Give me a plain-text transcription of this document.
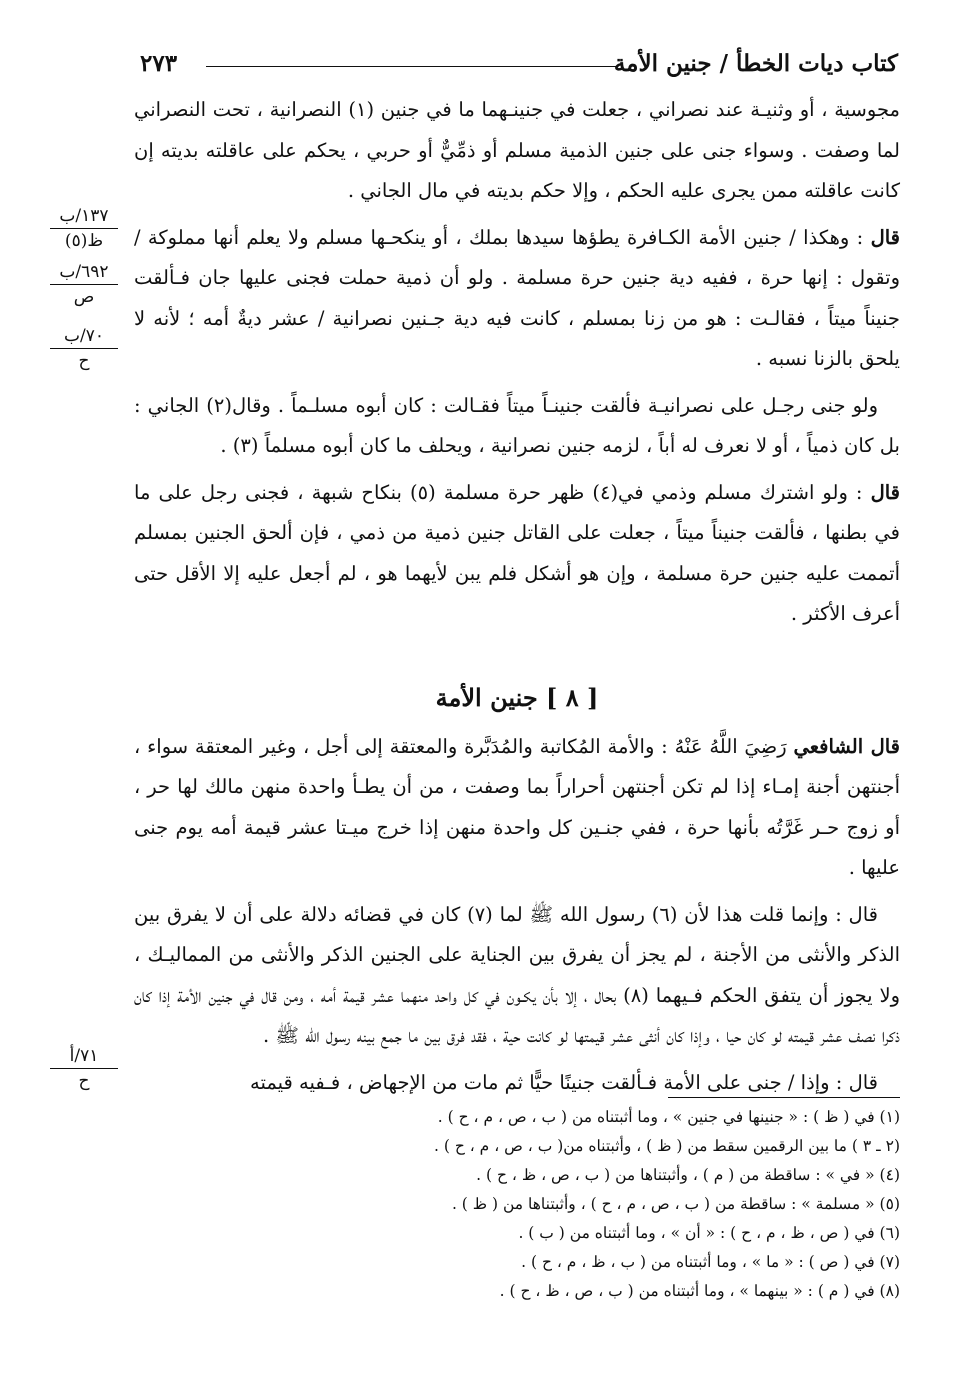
٢٧٣	كتاب ديات الخطأ / جنين الأمة

مجوسية ، أو وثنيـة عند نصراني ، جعلت في جنينـهما ما في جنين (١) النصرانية ، تحت النصراني لما وصفت . وسواء جنى على جنين الذمية مسلم أو ذمِّيٌّ أو حربي ، يحكم على عاقلته بديته إن كانت عاقلته ممن يجرى عليه الحكم ، وإلا حكم بديته في مال الجاني .

قال : وهكذا / جنين الأمة الكـافرة يطؤها سيدها بملك ، أو ينكحـها مسلم ولا يعلم أنها مملوكة / وتقول : إنها حرة ، ففيه دية جنين حرة مسلمة . ولو أن ذمية حملت فجنى عليها جان فـألقت جنيناً ميتاً ، فقالـت : هو من زنا بمسلم ، كانت فيه دية جـنين نصرانية / عشر ديةٌ أمه ؛ لأنه لا يلحق بالزنا نسبه .

ولو جنى رجـل على نصرانيـة فألقت جنينـاً ميتاً فقـالت : كان أبوه مسلـماً . وقال(٢) الجاني : بل كان ذمياً ، أو لا نعرف له أباً ، لزمه جنين نصرانية ، ويحلف ما كان أبوه مسلماً (٣) .

قال : ولو اشترك مسلم وذمي في(٤) ظهر حرة مسلمة (٥) بنكاح شبهة ، فجنى رجل على ما في بطنها ، فألقت جنيناً ميتاً ، جعلت على القاتل جنين ذمية من ذمي ، فإن ألحق الجنين بمسلم أتممت عليه جنين حرة مسلمة ، وإن هو أشكل فلم يبن لأيهما هو ، لم أجعل عليه إلا الأقل حتى أعرف الأكثر .

[ ٨ ] جنين الأمة

قال الشافعي رَضِيَ اللَّهُ عَنْهُ : والأمة المُكاتبة والمُدَبَّرة والمعتقة إلى أجل ، وغير المعتقة سواء ، أجنتهن أجنة إمـاء إذا لم تكن أجنتهن أحراراً بما وصفت ، من أن يطـأ واحدة منهن مالك لها حر ، أو زوج حـر غَرَّتُه بأنها حرة ، ففي جنـين كل واحدة منهن إذا خرج ميـتا عشر قيمة أمه يوم جنى عليها .

قال : وإنما قلت هذا لأن (٦) رسول الله ﷺ لما (٧) كان في قضائه دلالة على أن لا يفرق بين الذكر والأنثى من الأجنة ، لم يجز أن يفرق بين الجناية على الجنين الذكر والأنثى من المماليـك ، ولا يجوز أن يتفق الحكم فـيهما (٨) بحال ، إلا بأن يكـون في كل واحد منهما عشر قيمة أمه ، ومن قال في جنين الأمة إذا كان ذكرا نصف عشر قيمته لو كان حيا ، وإذا كان أنثى عشر قيمتها لو كانت حية ، فقد فرق بين ما جمع بينه رسول الله ﷺ .

قال : وإذا / جنى على الأمة فـألقت جنينًا حيًّا ثم مات من الإجهاض ، فـفيه قيمته

١٣٧/ب
ظ(٥)
٦٩٢/ب
ص
٧٠/ب
ح
٧١/أ
ح

(١) في ( ظ ) : « جنينها في جنين » ، وما أثبتناه من ( ب ، ص ، م ، ح ) .

(٢ ـ ٣ ) ما بين الرقمين سقط من ( ظ ) ، وأثبتناه من( ب ، ص ، م ، ح ) .

(٤) « في » : ساقطة من ( م ) ، وأثبتناها من ( ب ، ص ، ظ ، ح ) .

(٥) « مسلمة » : ساقطة من ( ب ، ص ، م ، ح ) ، وأثبتناها من ( ظ ) .

(٦) في ( ص ، ظ ، م ، ح ) : « أن » ، وما أثبتناه من ( ب ) .

(٧) في ( ص ) : « ما » ، وما أثبتناه من ( ب ، ظ ، م ، ح ) .

(٨) في ( م ) : « بينهما » ، وما أثبتناه من ( ب ، ص ، ظ ، ح ) .
